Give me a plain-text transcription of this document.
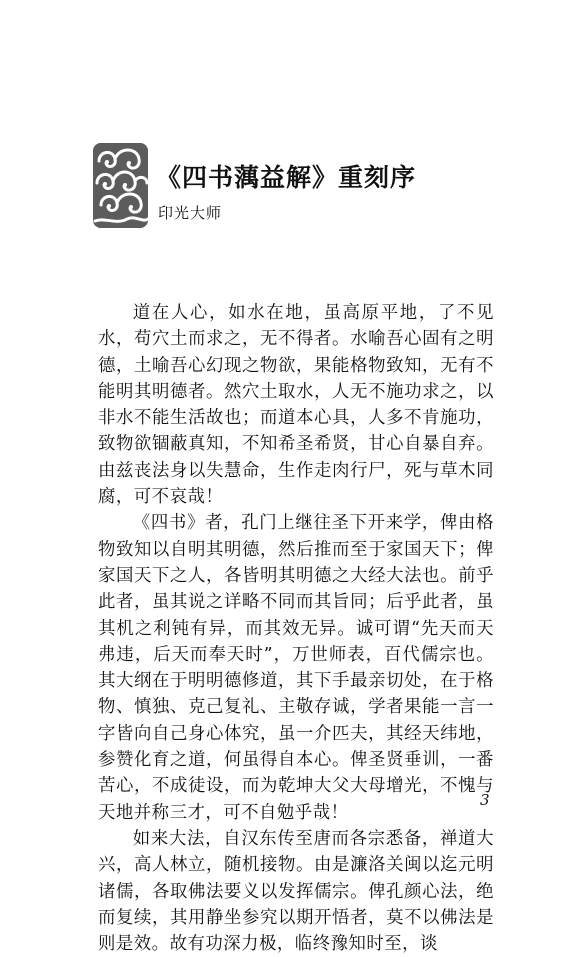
《四书蕅益解》重刻序
印光大师

道在人心，如水在地，虽高原平地，了不见水，苟穴土而求之，无不得者。水喻吾心固有之明德，土喻吾心幻现之物欲，果能格物致知，无有不能明其明德者。然穴土取水，人无不施功求之，以非水不能生活故也；而道本心具，人多不肯施功，致物欲锢蔽真知，不知希圣希贤，甘心自暴自弃。由兹丧法身以失慧命，生作走肉行尸，死与草木同腐，可不哀哉！

《四书》者，孔门上继往圣下开来学，俾由格物致知以自明其明德，然后推而至于家国天下；俾家国天下之人，各皆明其明德之大经大法也。前乎此者，虽其说之详略不同而其旨同；后乎此者，虽其机之利钝有异，而其效无异。诚可谓“先天而天弗违，后天而奉天时”，万世师表，百代儒宗也。其大纲在于明明德修道，其下手最亲切处，在于格物、慎独、克己复礼、主敬存诚，学者果能一言一字皆向自己身心体究，虽一介匹夫，其经天纬地，参赞化育之道，何虽得自本心。俾圣贤垂训，一番苦心，不成徒设，而为乾坤大父大母增光，不愧与天地并称三才，可不自勉乎哉！

如来大法，自汉东传至唐而各宗悉备，禅道大兴，高人林立，随机接物。由是濂洛关闽以迄元明诸儒，各取佛法要义以发挥儒宗。俾孔颜心法，绝而复续，其用静坐参究以期开悟者，莫不以佛法是则是效。故有功深力极，临终豫知时至，谈

3
